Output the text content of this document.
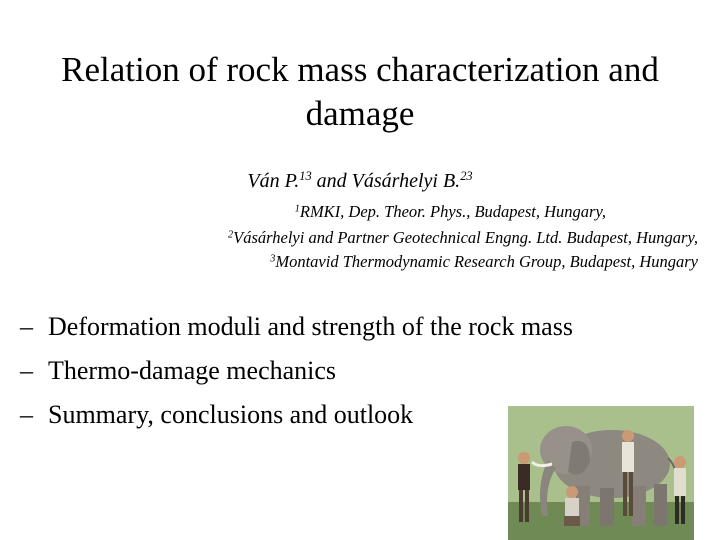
Relation of rock mass characterization and damage
Ván P.$^{13}$ and Vásárhelyi B.$^{23}$
$^1$RMKI, Dep. Theor. Phys., Budapest, Hungary,
$^2$Vásárhelyi and Partner Geotechnical Engng. Ltd. Budapest, Hungary,
$^3$Montavid Thermodynamic Research Group, Budapest, Hungary
– Deformation moduli and strength of the rock mass
– Thermo-damage mechanics
– Summary, conclusions and outlook
